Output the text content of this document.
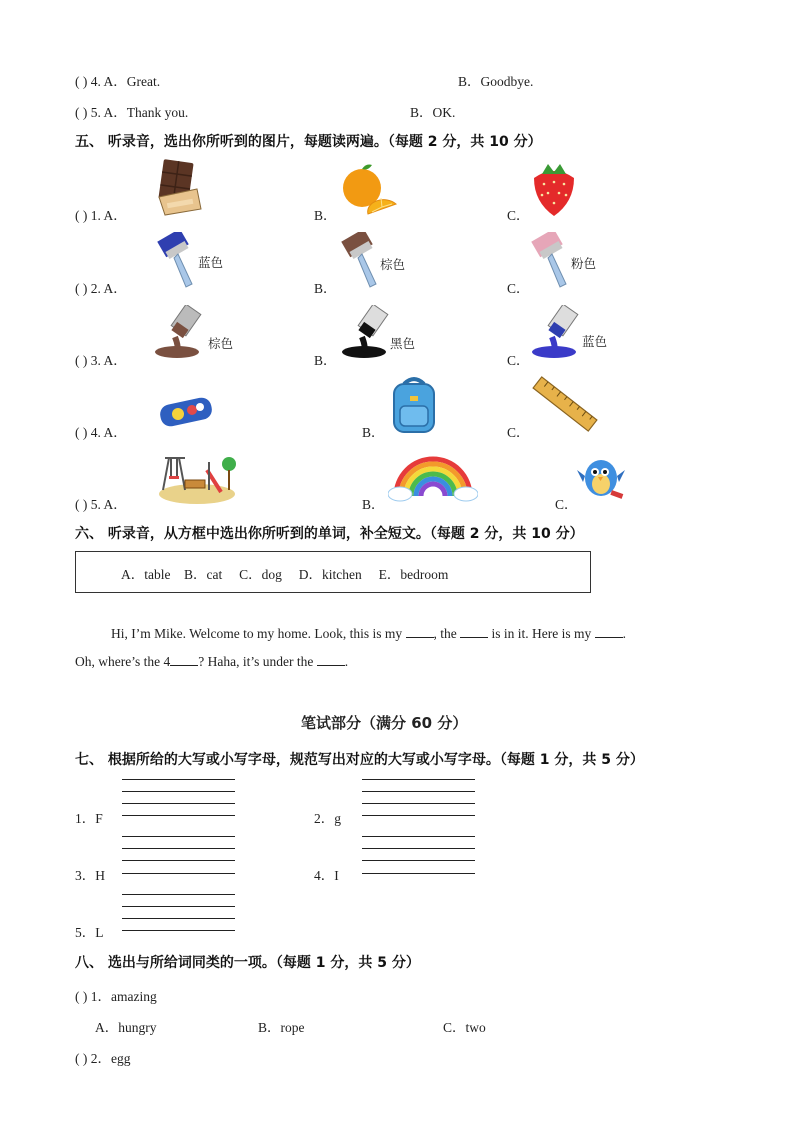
( ) 4. A．Great.	B．Goodbye.
( ) 5. A．Thank you.	B．OK.
五、 听录音，选出你所听到的图片，每题读两遍。（每题 2 分，共 10 分）
( ) 1. A．	B．	C．
( ) 2. A．
蓝色
B．
棕色
C．
粉色
( ) 3. A．
棕色
B．
黑色
C．
蓝色
( ) 4. A．	B．	C．
( ) 5. A．	B．	C．
六、 听录音，从方框中选出你所听到的单词，补全短文。（每题 2 分，共 10 分）
A．table    B．cat     C．dog     D．kitchen     E．bedroom
Hi, I’m Mike. Welcome to my home. Look, this is my , the  is in it. Here is my .
Oh, where’s the 4 ? Haha, it’s under the .
笔试部分（满分 60 分）
七、 根据所给的大写或小写字母，规范写出对应的大写或小写字母。（每题 1 分，共 5 分）
1．F	2．g
3．H	4．I
5．L
八、 选出与所给词同类的一项。（每题 1 分，共 5 分）
( ) 1．amazing
A．hungry	B．rope	C．two
( ) 2．egg
